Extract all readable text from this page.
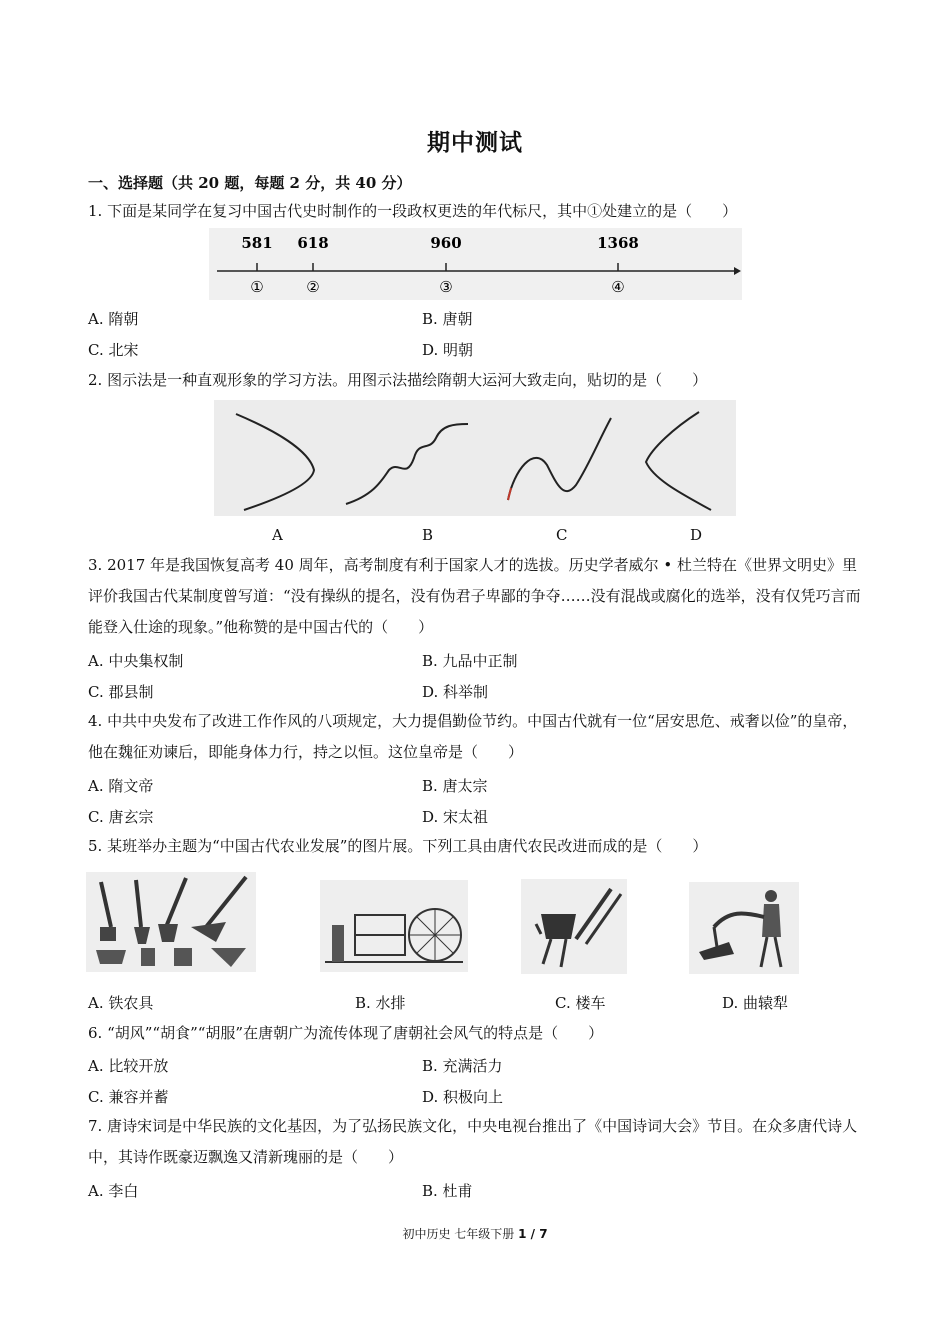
期中测试
一、选择题（共 20 题，每题 2 分，共 40 分）
1. 下面是某同学在复习中国古代史时制作的一段政权更迭的年代标尺，其中①处建立的是（　　）
581 618	960	1368
①	②	③	④
A. 隋朝	B. 唐朝
C. 北宋	D. 明朝
2. 图示法是一种直观形象的学习方法。用图示法描绘隋朝大运河大致走向，贴切的是（　　）
A	B	C	D
3. 2017 年是我国恢复高考 40 周年，高考制度有利于国家人才的选拔。历史学者威尔 • 杜兰特在《世界文明史》里评价我国古代某制度曾写道：“没有操纵的提名，没有伪君子卑鄙的争夺……没有混战或腐化的选举，没有仅凭巧言而能登入仕途的现象。”他称赞的是中国古代的（　　）
A. 中央集权制	B. 九品中正制
C. 郡县制	D. 科举制
4. 中共中央发布了改进工作作风的八项规定，大力提倡勤俭节约。中国古代就有一位“居安思危、戒奢以俭”的皇帝，他在魏征劝谏后，即能身体力行，持之以恒。这位皇帝是（　　）
A. 隋文帝	B. 唐太宗
C. 唐玄宗	D. 宋太祖
5. 某班举办主题为“中国古代农业发展”的图片展。下列工具由唐代农民改进而成的是（　　）
A. 铁农具	B. 水排	C. 楼车	D. 曲辕犁
6. “胡风”“胡食”“胡服”在唐朝广为流传体现了唐朝社会风气的特点是（　　）
A. 比较开放	B. 充满活力
C. 兼容并蓄	D. 积极向上
7. 唐诗宋词是中华民族的文化基因，为了弘扬民族文化，中央电视台推出了《中国诗词大会》节目。在众多唐代诗人中，其诗作既豪迈飘逸又清新瑰丽的是（　　）
A. 李白	B. 杜甫
初中历史 七年级下册 1 / 7
